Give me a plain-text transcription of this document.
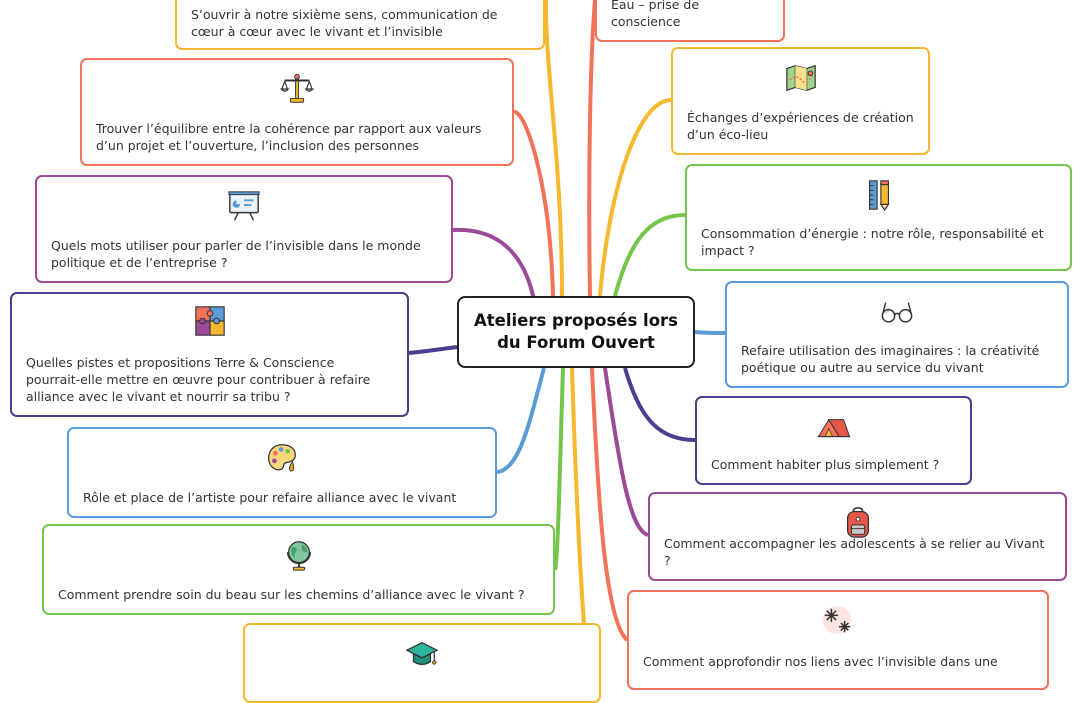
Ateliers proposés lors
du Forum Ouvert
S’ouvrir à notre sixième sens, communication de
cœur à cœur avec le vivant et l’invisible
Trouver l’équilibre entre la cohérence par rapport aux valeurs
d’un projet et l’ouverture, l’inclusion des personnes
Quels mots utiliser pour parler de l’invisible dans le monde
politique et de l’entreprise ?
Quelles pistes et propositions Terre & Conscience
pourrait-elle mettre en œuvre pour contribuer à refaire
alliance avec le vivant et nourrir sa tribu ?
Rôle et place de l’artiste pour refaire alliance avec le vivant
Comment prendre soin du beau sur les chemins d’alliance avec le vivant ?
Eau – prise de conscience
Échanges d’expériences de création
d’un éco-lieu
Consommation d’énergie : notre rôle, responsabilité et
impact ?
Refaire utilisation des imaginaires : la créativité
poétique ou autre au service du vivant
Comment habiter plus simplement ?
Comment accompagner les adolescents à se relier au Vivant ?
Comment approfondir nos liens avec l’invisible dans une
